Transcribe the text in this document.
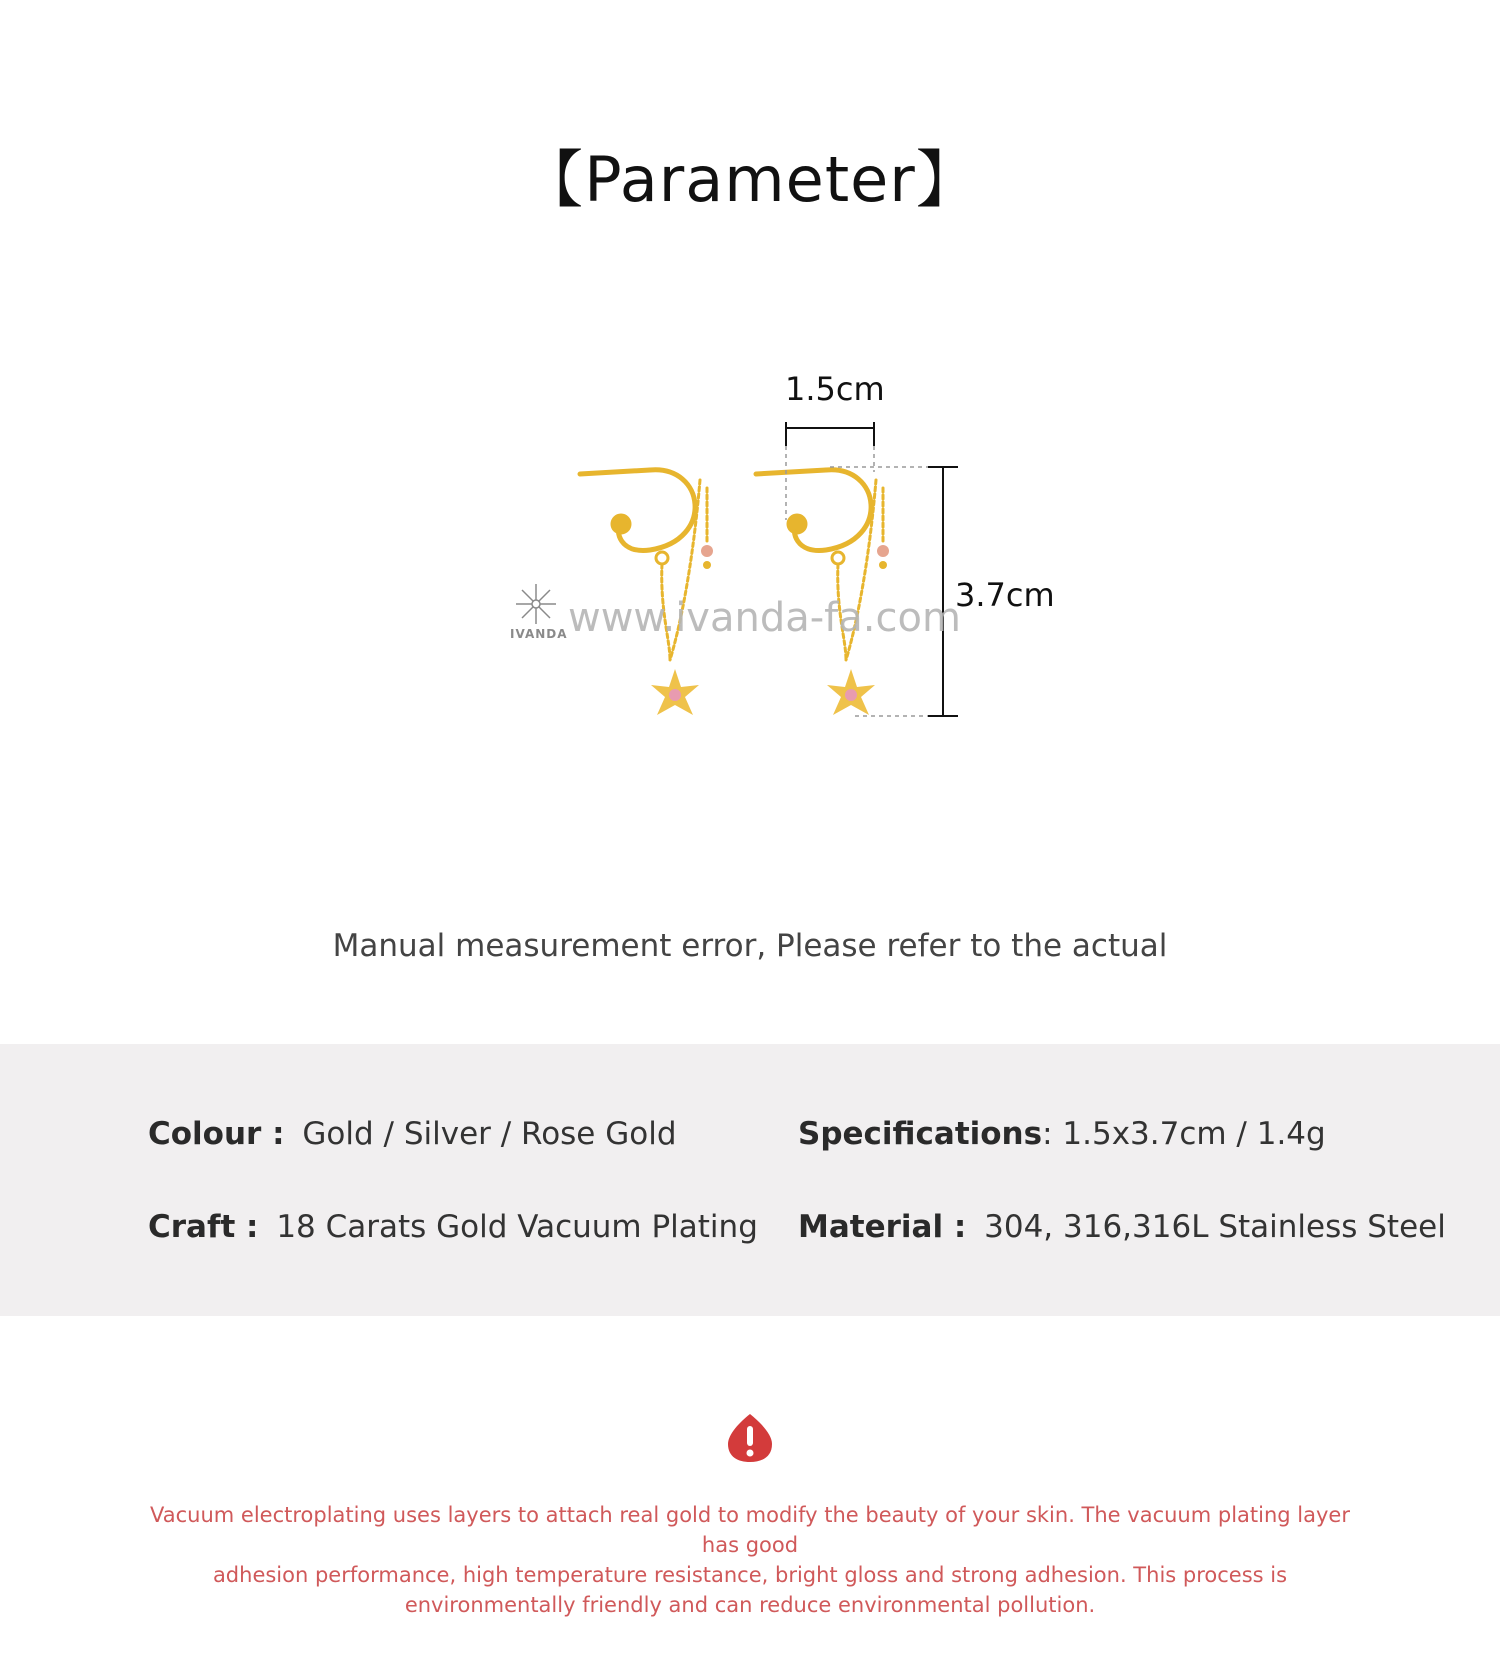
【Parameter】
1.5cm
3.7cm
IVANDA www.ivanda-fa.com
Manual measurement error, Please refer to the actual
Colour : Gold / Silver / Rose Gold	Specifications: 1.5x3.7cm / 1.4g
Craft : 18 Carats Gold Vacuum Plating Material : 304, 316,316L Stainless Steel
Vacuum electroplating uses layers to attach real gold to modify the beauty of your skin. The vacuum plating layer has good
adhesion performance, high temperature resistance, bright gloss and strong adhesion. This process is
environmentally friendly and can reduce environmental pollution.
